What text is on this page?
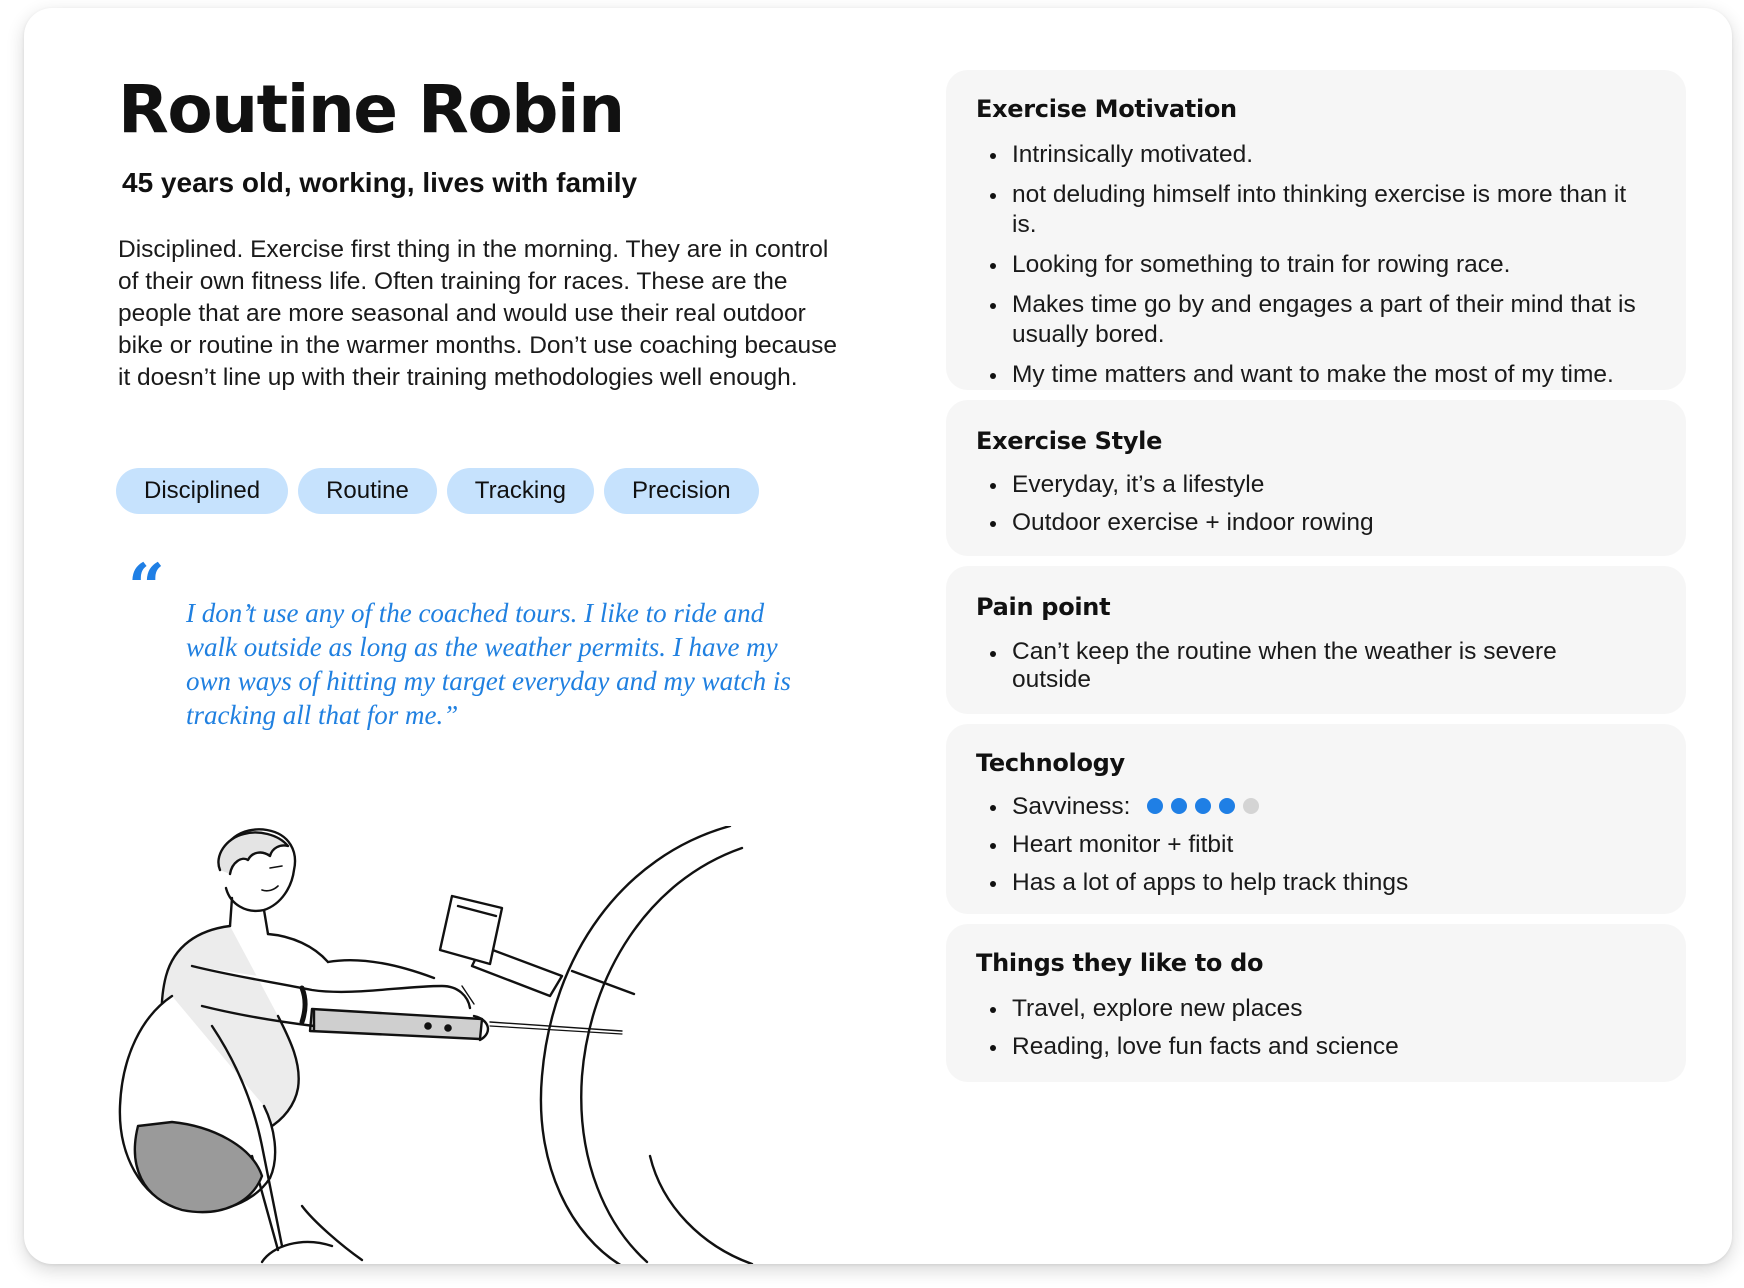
Routine Robin

45 years old, working, lives with family

Disciplined. Exercise first thing in the morning. They are in control of their own fitness life. Often training for races. These are the people that are more seasonal and would use their real outdoor bike or routine in the warmer months. Don’t use coaching because it doesn’t line up with their training methodologies well enough.

Disciplined	Routine	Tracking	Precision
“ I don’t use any of the coached tours. I like to ride and walk outside as long as the weather permits. I have my own ways of hitting my target everyday and my watch is tracking all that for me.”

Exercise Motivation
Intrinsically motivated.
not deluding himself into thinking exercise is more than it is.
Looking for something to train for rowing race.
Makes time go by and engages a part of their mind that is usually bored.
My time matters and want to make the most of my time.
Exercise Style
Everyday, it’s a lifestyle
Outdoor exercise + indoor rowing
Pain point
Can’t keep the routine when the weather is severe outside
Technology
Savviness:
Heart monitor + fitbit
Has a lot of apps to help track things
Things they like to do
Travel, explore new places
Reading, love fun facts and science
